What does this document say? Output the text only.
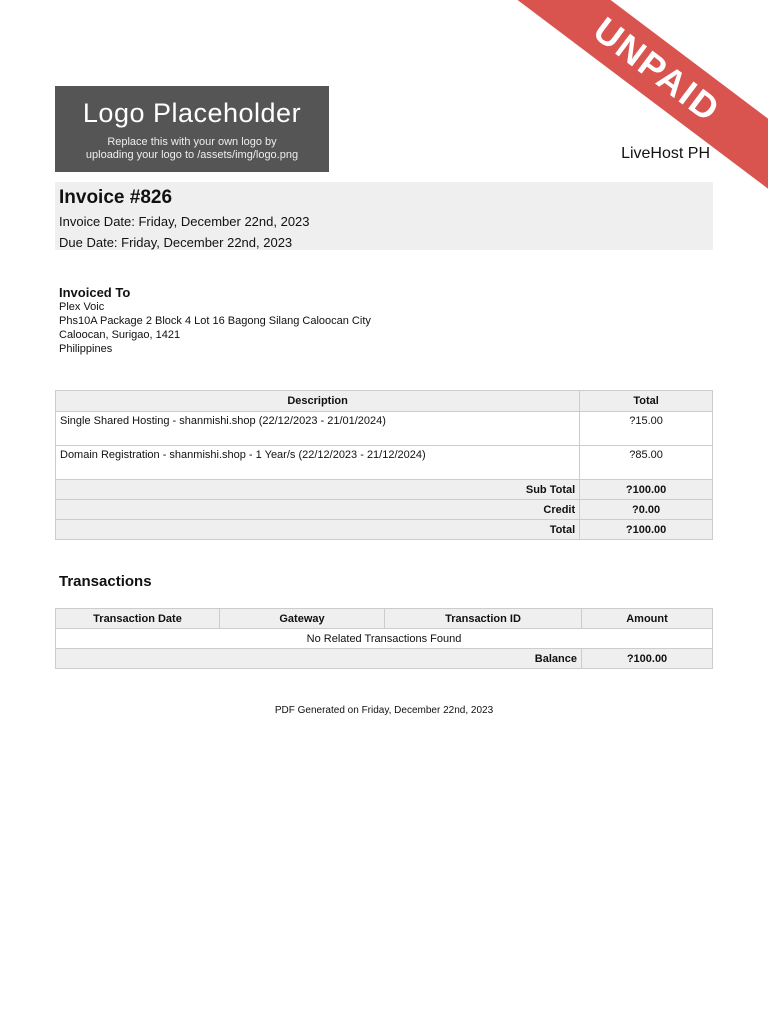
UNPAID
Logo Placeholder
Replace this with your own logo by
uploading your logo to /assets/img/logo.png	LiveHost PH
Invoice #826
Invoice Date: Friday, December 22nd, 2023
Due Date: Friday, December 22nd, 2023
Invoiced To
Plex Voic
Phs10A Package 2 Block 4 Lot 16 Bagong Silang Caloocan City
Caloocan, Surigao, 1421
Philippines
Description	Total
Single Shared Hosting - shanmishi.shop (22/12/2023 - 21/01/2024)	?15.00
Domain Registration - shanmishi.shop - 1 Year/s (22/12/2023 - 21/12/2024)	?85.00
Sub Total	?100.00
Credit	?0.00
Total	?100.00
Transactions
Transaction Date	Gateway	Transaction ID	Amount
No Related Transactions Found			
Balance			?100.00
PDF Generated on Friday, December 22nd, 2023
